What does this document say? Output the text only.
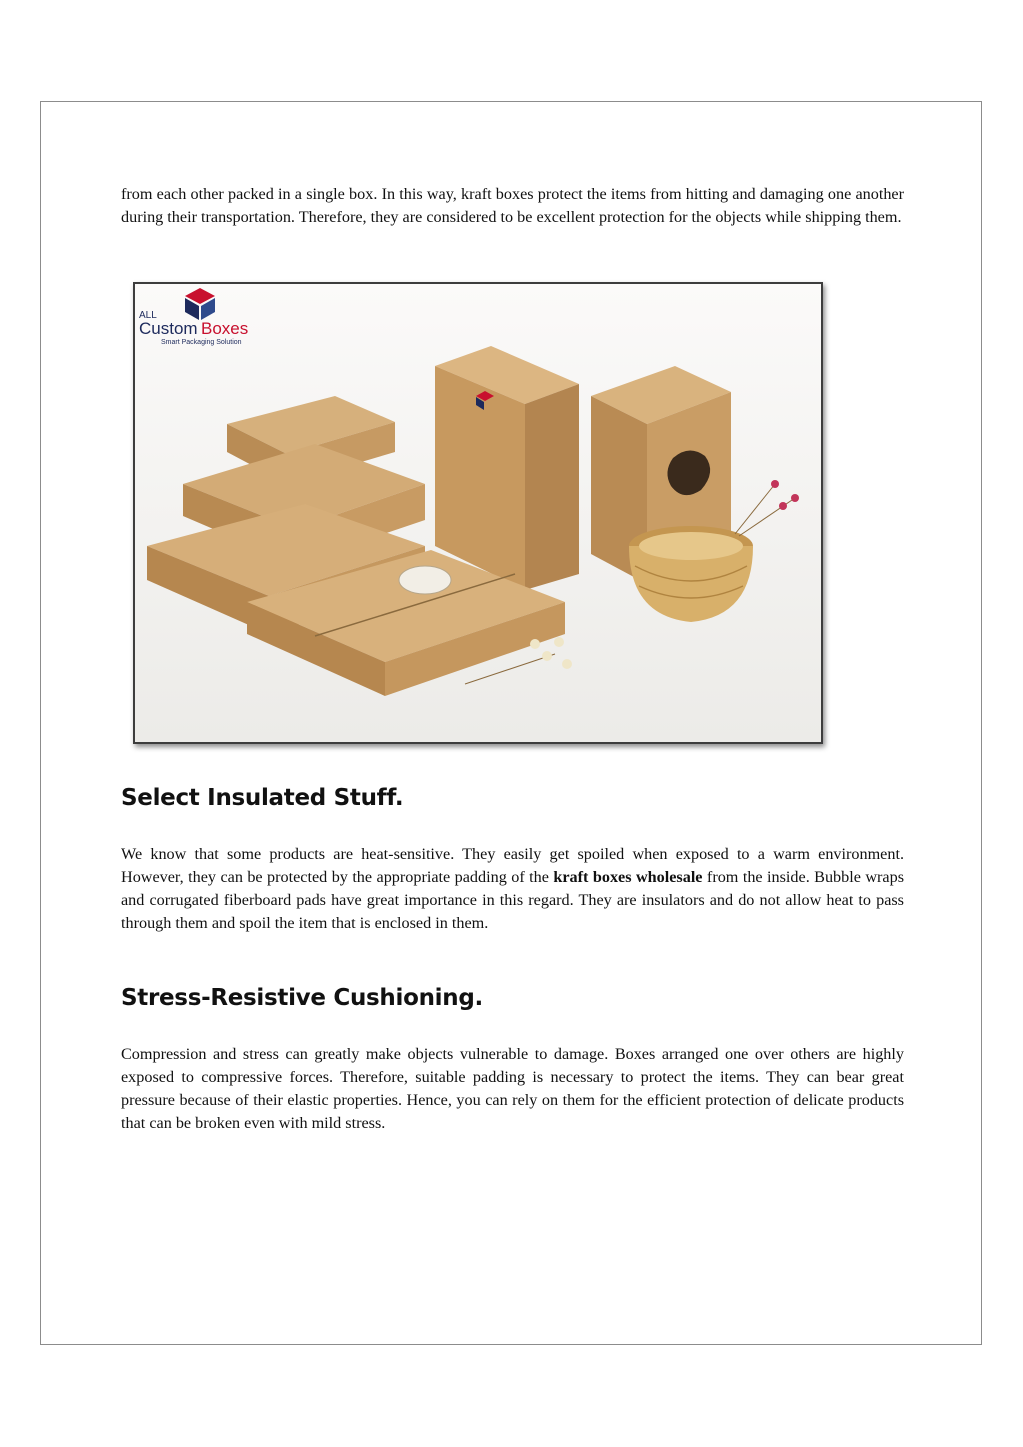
from each other packed in a single box. In this way, kraft boxes protect the items from hitting and damaging one another during their transportation. Therefore, they are considered to be excellent protection for the objects while shipping them.

ALL
Custom Boxes
Smart Packaging Solution
Select Insulated Stuff.

We know that some products are heat-sensitive. They easily get spoiled when exposed to a warm environment. However, they can be protected by the appropriate padding of the kraft boxes wholesale from the inside. Bubble wraps and corrugated fiberboard pads have great importance in this regard. They are insulators and do not allow heat to pass through them and spoil the item that is enclosed in them.

Stress-Resistive Cushioning.

Compression and stress can greatly make objects vulnerable to damage. Boxes arranged one over others are highly exposed to compressive forces. Therefore, suitable padding is necessary to protect the items. They can bear great pressure because of their elastic properties. Hence, you can rely on them for the efficient protection of delicate products that can be broken even with mild stress.
